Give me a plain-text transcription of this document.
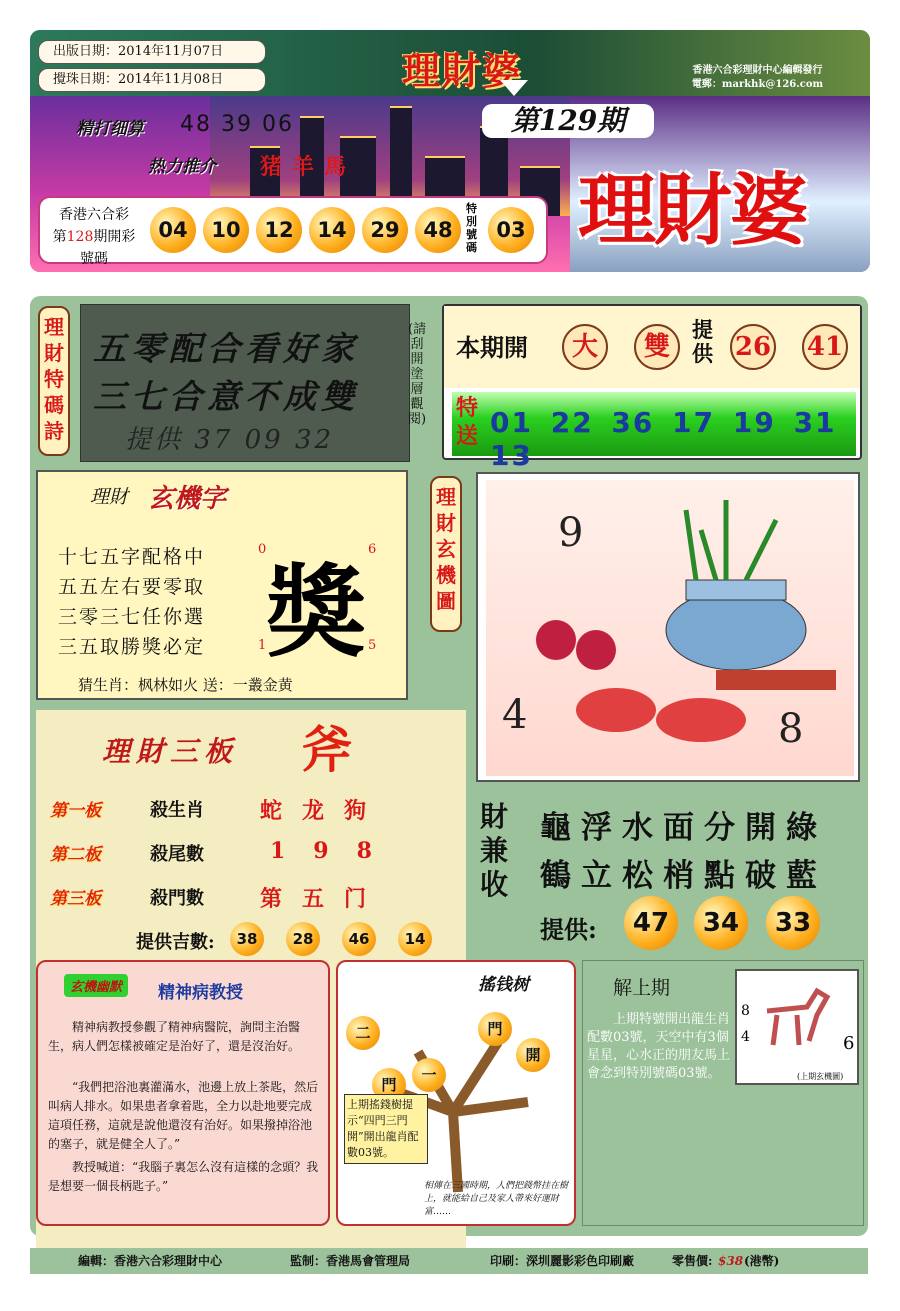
出版日期：2014年11月07日
攪珠日期：2014年11月08日	理財婆	香港六合彩理財中心編輯發行
電郵：markhk@126.com
精打细算 48 39 06
热力推介 猪羊馬
第129期
理財婆
香港六合彩
第128期開彩號碼
04	10	12	14	29	48
特別號碼
03
理財特碼詩
五零配合看好家
三七合意不成雙
提供 37 09 32
(請刮開塗層觀閱)
本期開	大	雙
提供 26 41
特送 01 22 36 17 19 31 13
理財 玄機字
十七五字配格中
五五左右要零取
三零三七任你選
三五取勝獎必定 獎
0	6
1	5
猜生肖：枫林如火 送：一叢金黄
理財玄機圖
9
4	8
理財三板 斧
第一板	殺生肖	蛇龙狗
第二板	殺尾數	198
第三板	殺門數	第五门
提供吉數:	38	28	46	14
財兼收
龜浮水面分開綠
鶴立松梢點破藍
提供:	47	34	33
玄機幽默	精神病教授
精神病教授參觀了精神病醫院，詢問主治醫生，病人們怎樣被確定是治好了，還是沒治好。
“我們把浴池裏灌滿水，池邊上放上茶匙，然后叫病人排水。如果患者拿着匙，全力以赴地要完成這項任務，這就是說他還沒有治好。如果撥掉浴池的塞子，就是健全人了。”
教授喊道：“我腦子裏怎么沒有這樣的念頭？我是想要一個長柄匙子。”
搖钱树
二	門
一
門
開
上期搖錢樹提示“四門三門開”開出龍肖配數03號。
相傳在三國時期，人們把錢幣挂在樹上，就能給自己及家人帶來好運財富……
解上期
上期特號開出龍生肖配數03號，天空中有3個星星，心水正的朋友馬上會念到特別號碼03號。
8
4	6
(上期玄機圖)
編輯：香港六合彩理財中心	監制：香港馬會管理局	印刷：深圳麗影彩色印刷廠	零售價: $38 (港幣)
